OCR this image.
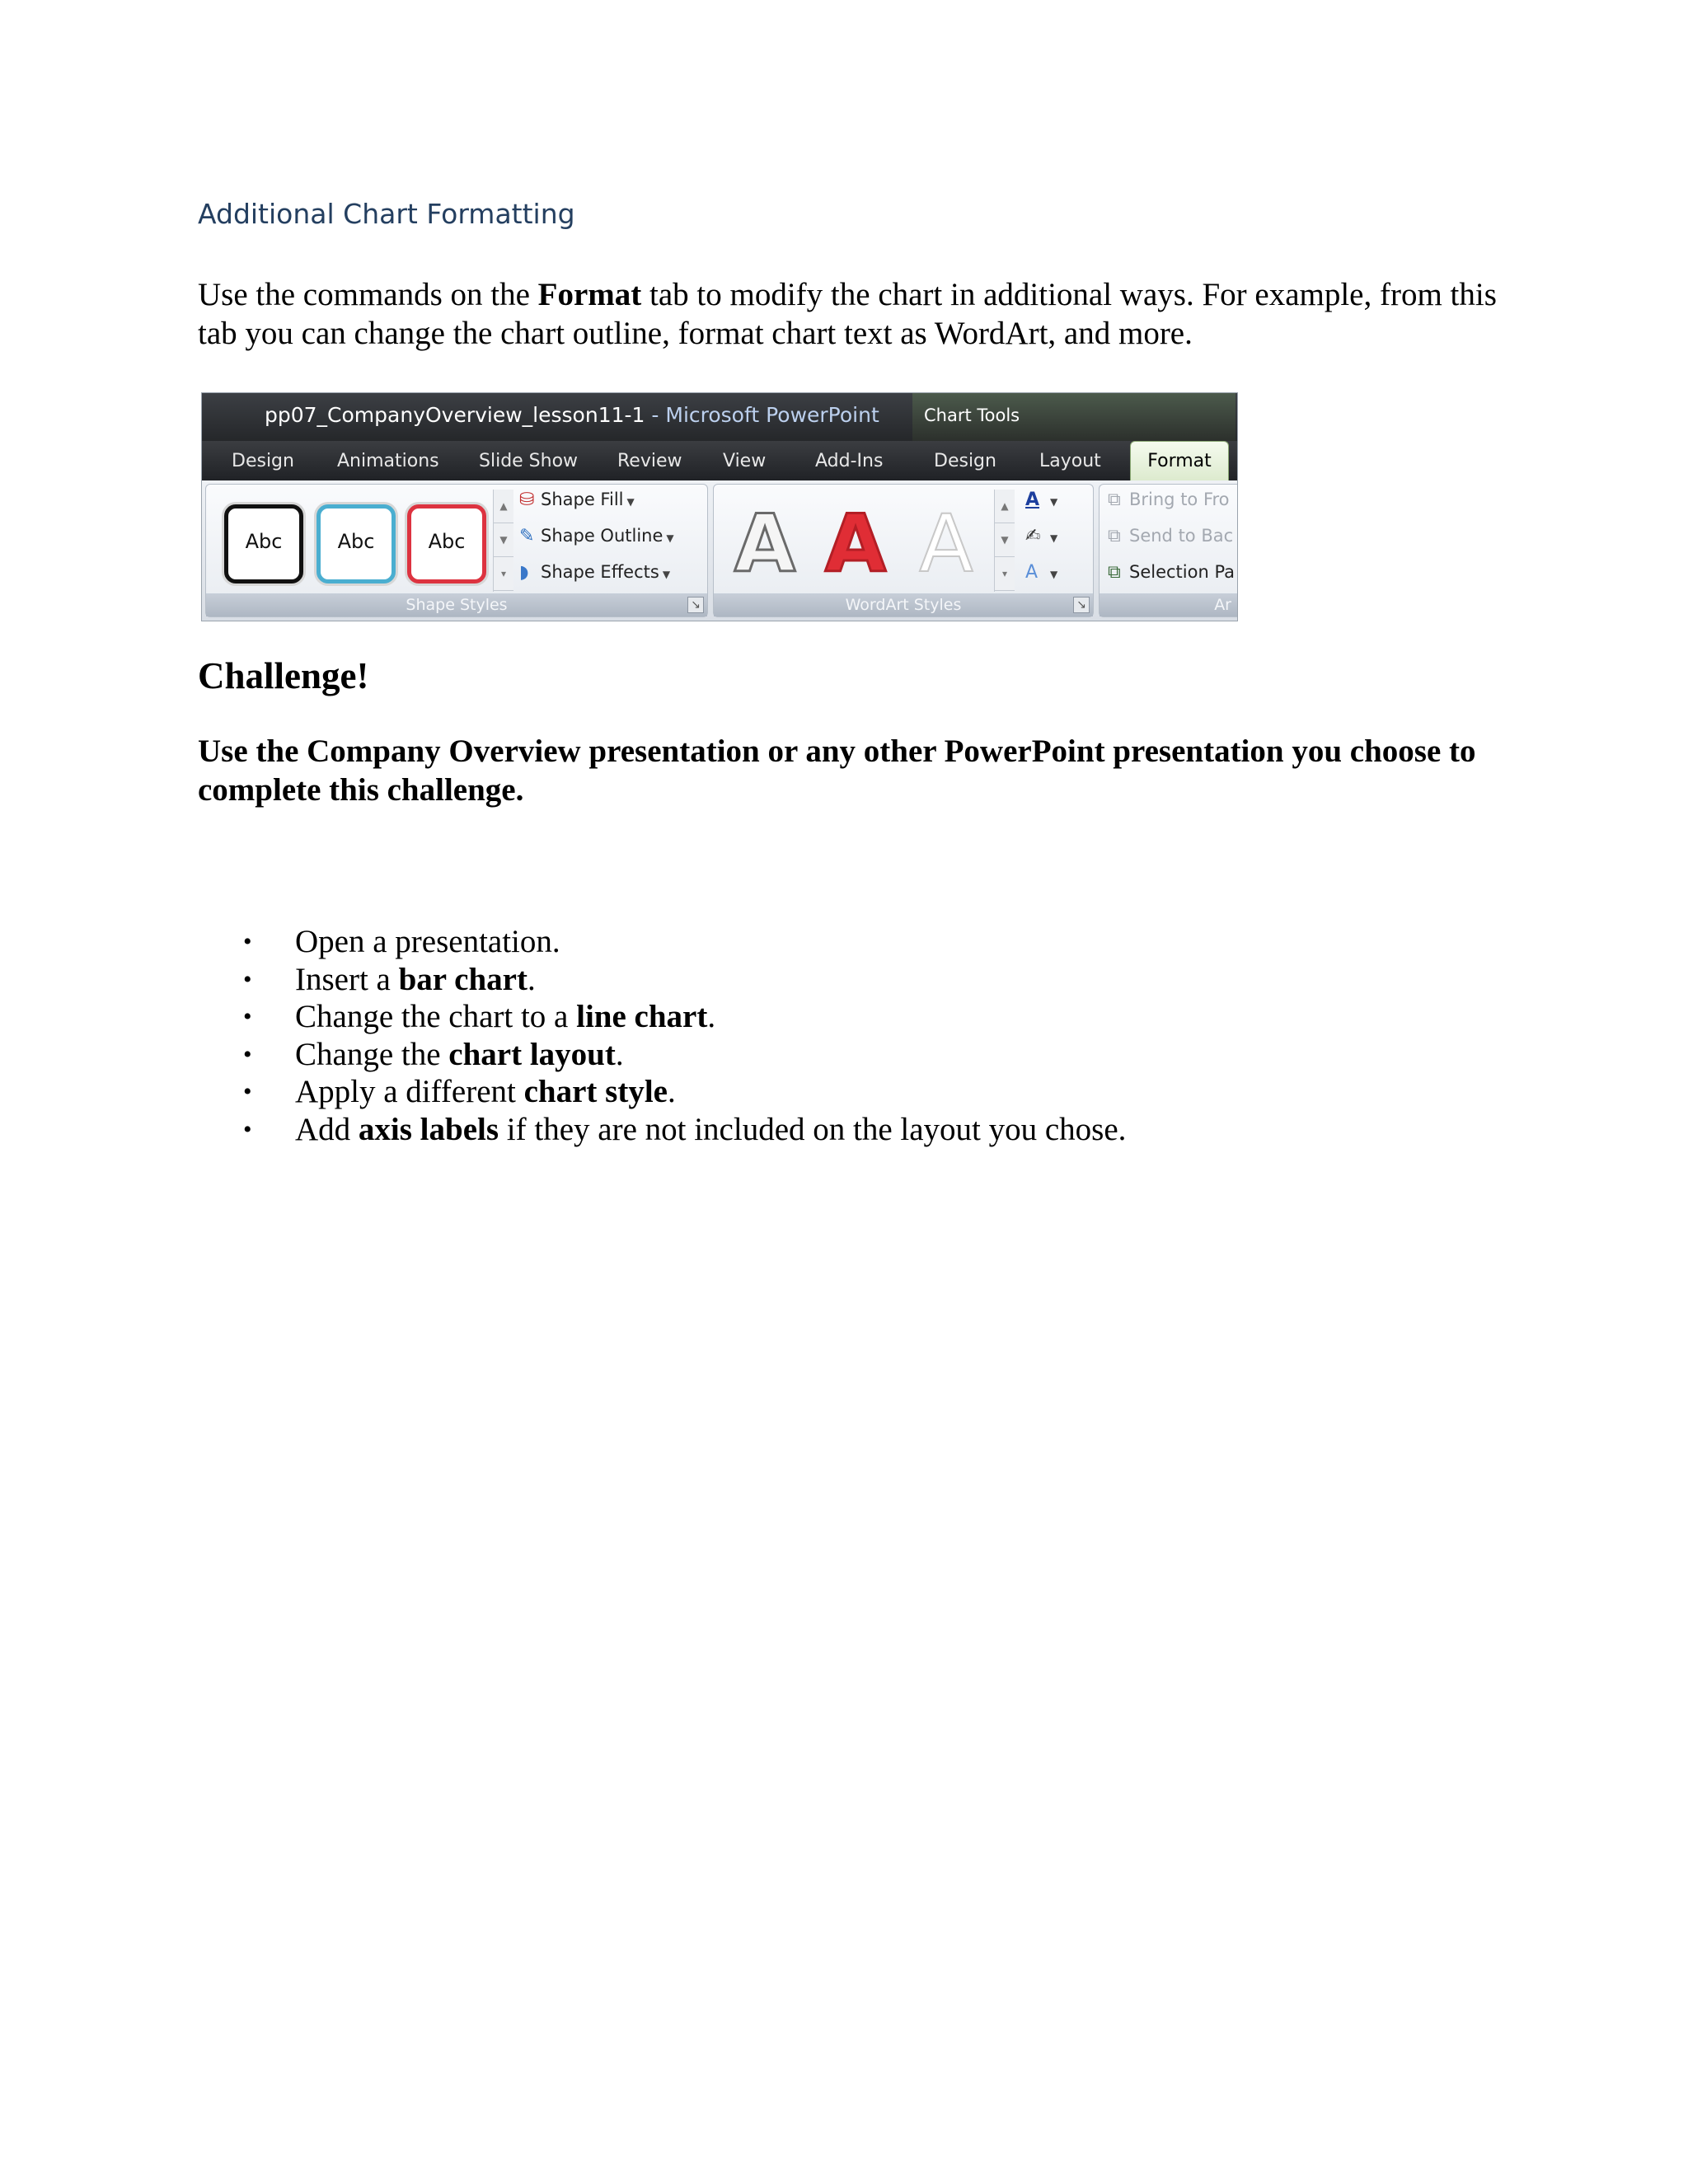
Additional Chart Formatting

Use the commands on the Format tab to modify the chart in additional ways. For example, from this tab you can change the chart outline, format chart text as WordArt, and more.

pp07_CompanyOverview_lesson11-1 - Microsoft PowerPoint	Chart Tools
Design Animations Slide Show Review View	Add-Ins	Design Layout	Format
Abc	Abc	Abc
▲
▼
▾
⛁ Shape Fill ▼
✎ Shape Outline ▼
◗ Shape Effects ▼
Shape Styles	↘
A A A	▲
▼
▾
A ▼
✍ ▼
A ▼
WordArt Styles	↘
⧉ Bring to Fro
⧉ Send to Bac
⧉ Selection Pa
Ar
Challenge!

Use the Company Overview presentation or any other PowerPoint presentation you choose to complete this challenge.

• Open a presentation.
• Insert a bar chart.
• Change the chart to a line chart.
• Change the chart layout.
• Apply a different chart style.
• Add axis labels if they are not included on the layout you chose.
